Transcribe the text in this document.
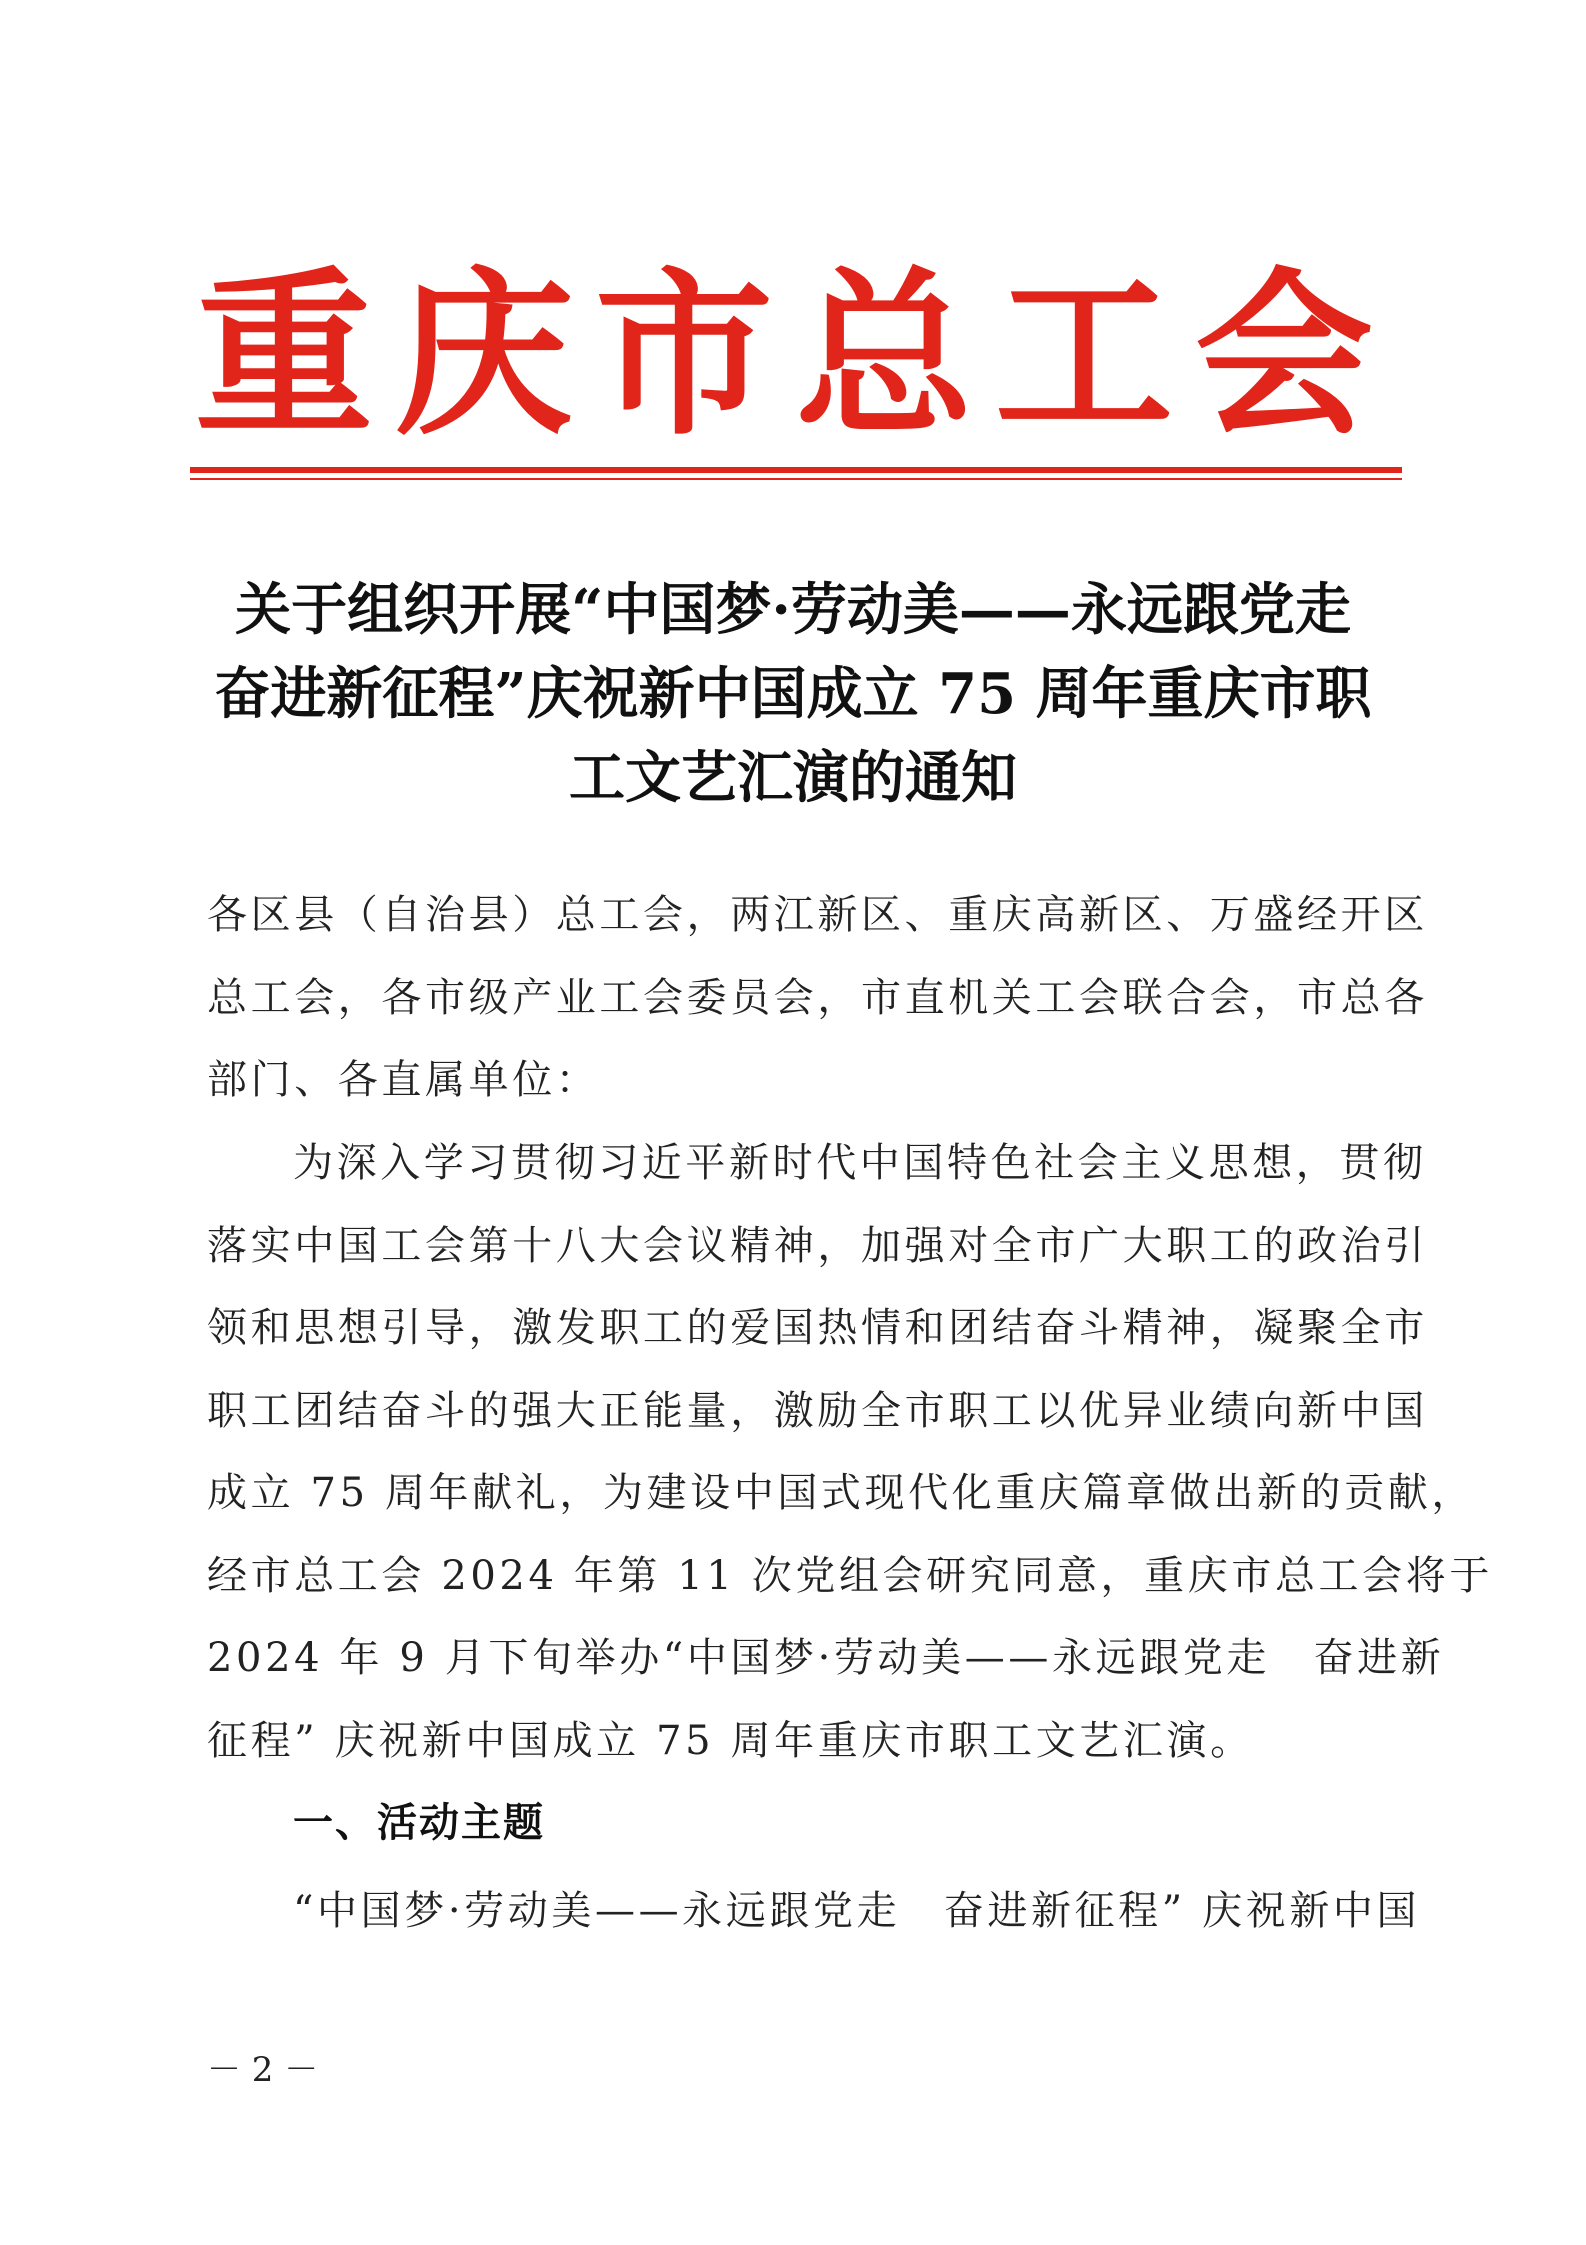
重庆市总工会
关于组织开展“中国梦·劳动美——永远跟党走
奋进新征程”庆祝新中国成立 75 周年重庆市职
工文艺汇演的通知
各区县（自治县）总工会，两江新区、重庆高新区、万盛经开区
总工会，各市级产业工会委员会，市直机关工会联合会，市总各
部门、各直属单位：
为深入学习贯彻习近平新时代中国特色社会主义思想，贯彻
落实中国工会第十八大会议精神，加强对全市广大职工的政治引
领和思想引导，激发职工的爱国热情和团结奋斗精神，凝聚全市
职工团结奋斗的强大正能量，激励全市职工以优异业绩向新中国
成立 75 周年献礼，为建设中国式现代化重庆篇章做出新的贡献，
经市总工会 2024 年第 11 次党组会研究同意，重庆市总工会将于
2024 年 9 月下旬举办“中国梦·劳动美——永远跟党走　奋进新
征程” 庆祝新中国成立 75 周年重庆市职工文艺汇演。
一、活动主题
“中国梦·劳动美——永远跟党走　奋进新征程” 庆祝新中国
－ 2 －
